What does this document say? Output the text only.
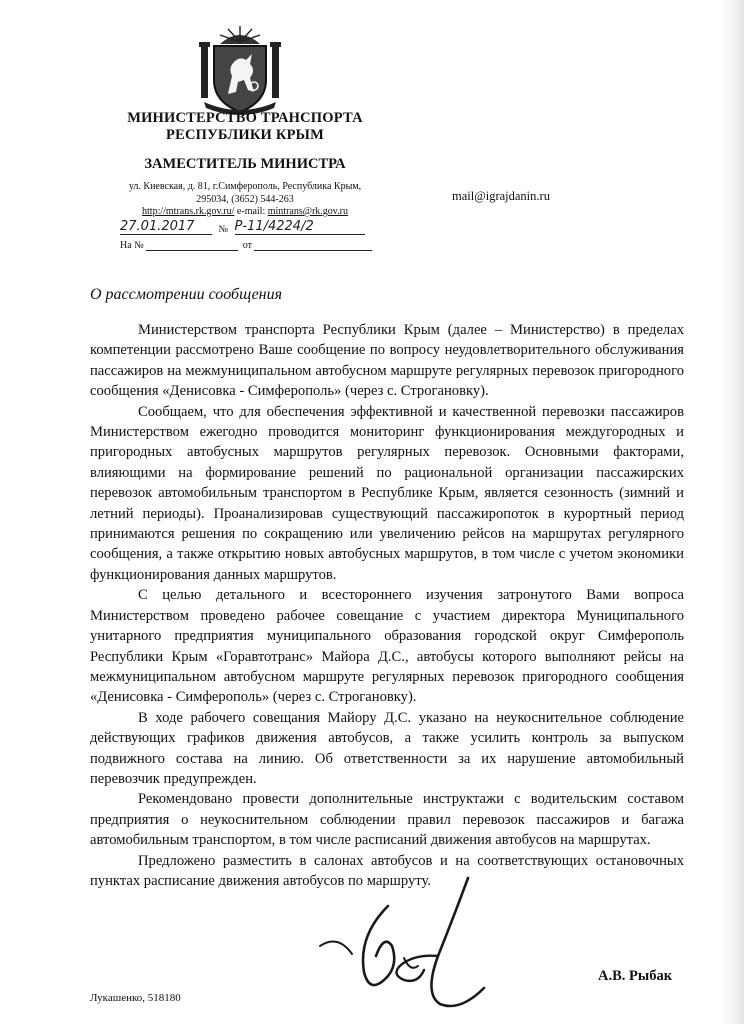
МИНИСТЕРСТВО ТРАНСПОРТА
РЕСПУБЛИКИ КРЫМ
ЗАМЕСТИТЕЛЬ МИНИСТРА
ул. Киевская, д. 81, г.Симферополь, Республика Крым,
295034, (3652) 544-263
http://mtrans.rk.gov.ru/ e-mail: mintrans@rk.gov.ru
27.01.2017 № Р-11/4224/2
На №	от
mail@igrajdanin.ru
О рассмотрении сообщения

Министерством транспорта Республики Крым (далее – Министерство) в пределах компетенции рассмотрено Ваше сообщение по вопросу неудовлетворительного обслуживания пассажиров на межмуниципальном автобусном маршруте регулярных перевозок пригородного сообщения «Денисовка - Симферополь» (через с. Строгановку).

Сообщаем, что для обеспечения эффективной и качественной перевозки пассажиров Министерством ежегодно проводится мониторинг функционирования междугородных и пригородных автобусных маршрутов регулярных перевозок. Основными факторами, влияющими на формирование решений по рациональной организации пассажирских перевозок автомобильным транспортом в Республике Крым, является сезонность (зимний и летний периоды). Проанализировав существующий пассажиропоток в курортный период принимаются решения по сокращению или увеличению рейсов на маршрутах регулярного сообщения, а также открытию новых автобусных маршрутов, в том числе с учетом экономики функционирования данных маршрутов.

С целью детального и всестороннего изучения затронутого Вами вопроса Министерством проведено рабочее совещание с участием директора Муниципального унитарного предприятия муниципального образования городской округ Симферополь Республики Крым «Горавтотранс» Майора Д.С., автобусы которого выполняют рейсы на межмуниципальном автобусном маршруте регулярных перевозок пригородного сообщения «Денисовка - Симферополь» (через с. Строгановку).

В ходе рабочего совещания Майору Д.С. указано на неукоснительное соблюдение действующих графиков движения автобусов, а также усилить контроль за выпуском подвижного состава на линию. Об ответственности за их нарушение автомобильный перевозчик предупрежден.

Рекомендовано провести дополнительные инструктажи с водительским составом предприятия о неукоснительном соблюдении правил перевозок пассажиров и багажа автомобильным транспортом, в том числе расписаний движения автобусов на маршрутах.

Предложено разместить в салонах автобусов и на соответствующих остановочных пунктах расписание движения автобусов по маршруту.

А.В. Рыбак
Лукашенко, 518180
